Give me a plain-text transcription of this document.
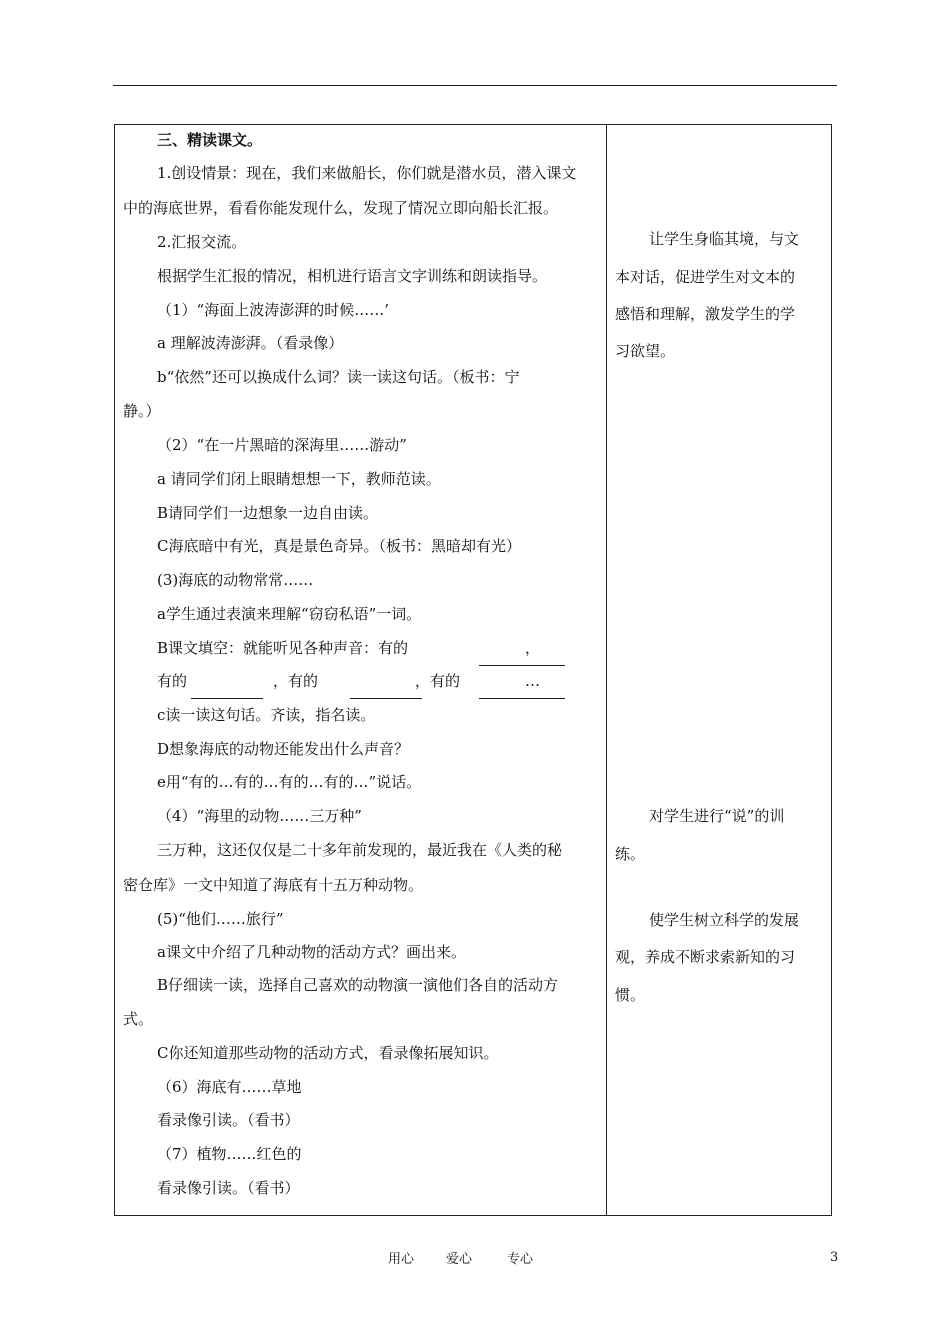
三、精读课文。
1.创设情景：现在，我们来做船长，你们就是潜水员，潜入课文
中的海底世界，看看你能发现什么，发现了情况立即向船长汇报。
2.汇报交流。
根据学生汇报的情况，相机进行语言文字训练和朗读指导。
（1）“海面上波涛澎湃的时候……’
a 理解波涛澎湃。（看录像）
b“依然”还可以换成什么词？读一读这句话。（板书：宁
静。）
（2）“在一片黑暗的深海里……游动”
a 请同学们闭上眼睛想想一下，教师范读。
B请同学们一边想象一边自由读。
C海底暗中有光，真是景色奇异。（板书：黑暗却有光）
(3)海底的动物常常……
a学生通过表演来理解“窃窃私语”一词。
B课文填空：就能听见各种声音：有的	，
有的	，有的	，有的	…
c读一读这句话。齐读，指名读。
D想象海底的动物还能发出什么声音？
e用“有的…有的…有的…有的…”说话。
（4）“海里的动物……三万种”
三万种，这还仅仅是二十多年前发现的，最近我在《人类的秘
密仓库》一文中知道了海底有十五万种动物。
(5)“他们……旅行”
a课文中介绍了几种动物的活动方式？画出来。
B仔细读一读，选择自己喜欢的动物演一演他们各自的活动方
式。
C你还知道那些动物的活动方式，看录像拓展知识。
（6）海底有……草地
看录像引读。（看书）
（7）植物……红色的
看录像引读。（看书）
让学生身临其境，与文
本对话，促进学生对文本的
感悟和理解，激发学生的学
习欲望。
对学生进行“说”的训
练。
使学生树立科学的发展
观，养成不断求索新知的习
惯。
用心 爱心	专心	3
